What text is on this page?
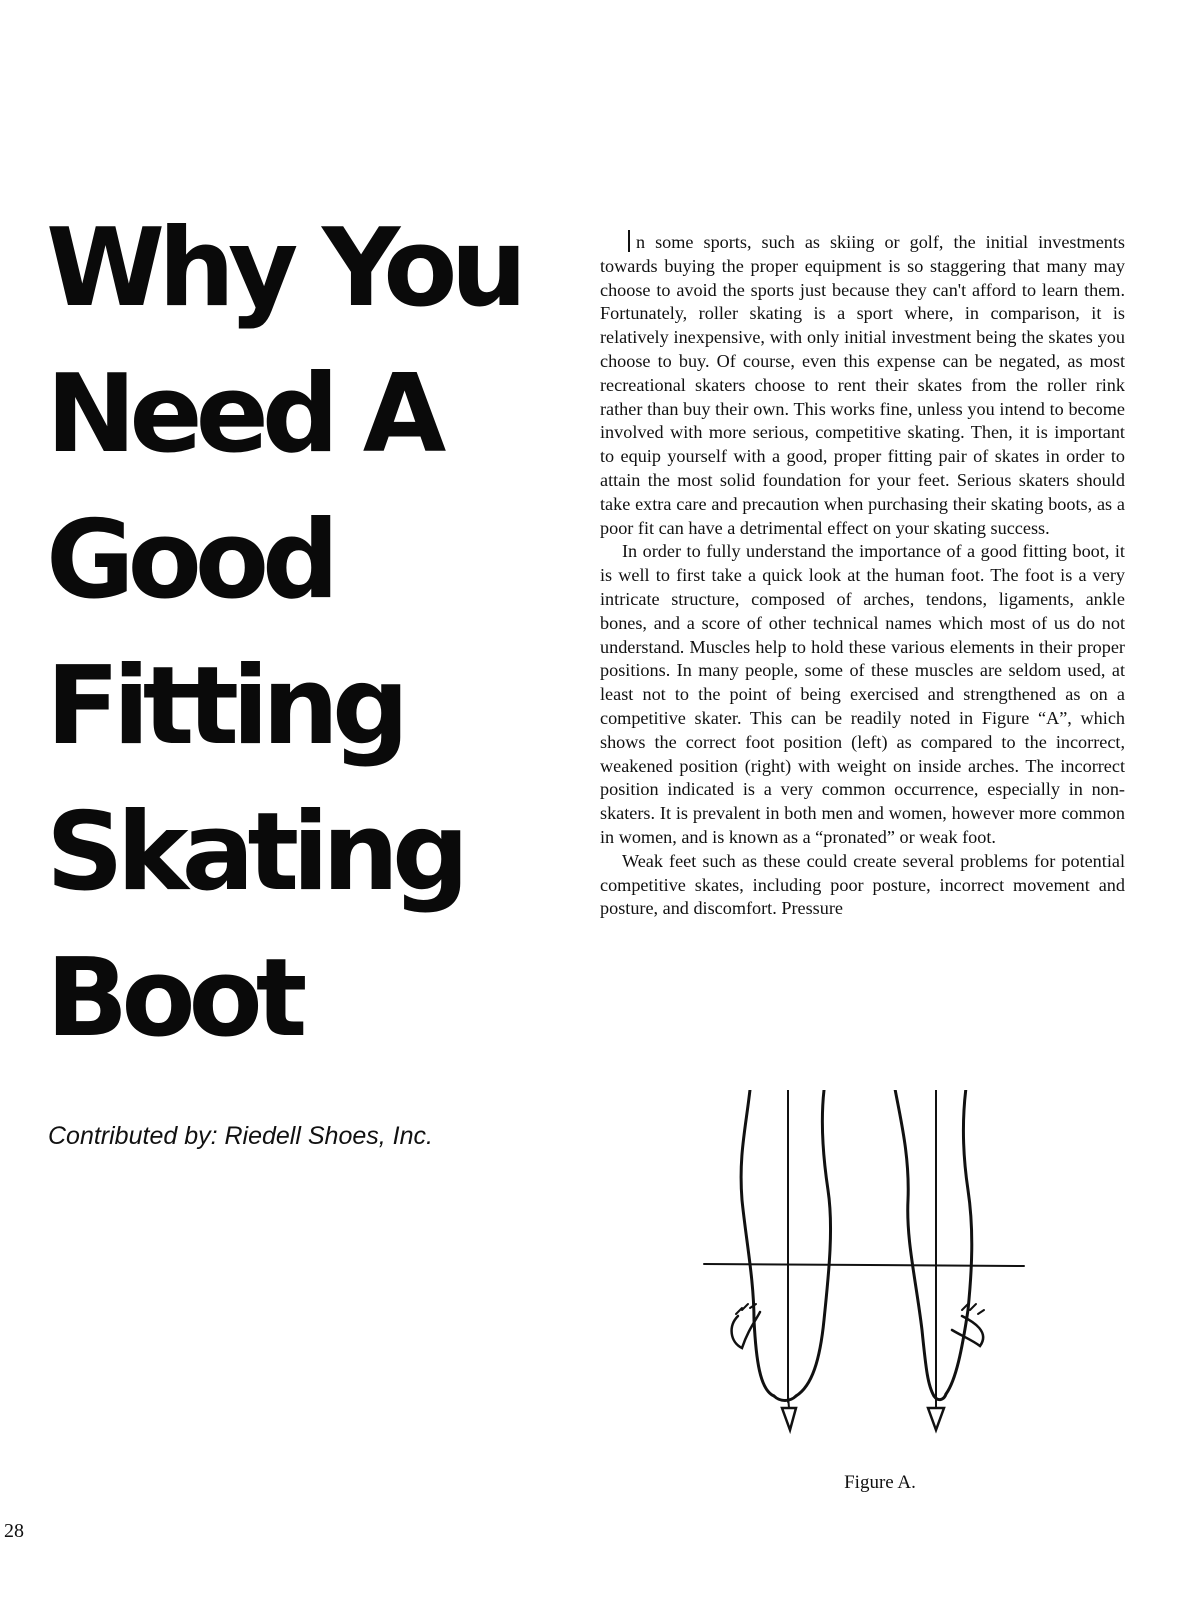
Why You
Need A
Good
Fitting
Skating
Boot
Contributed by: Riedell Shoes, Inc.

n some sports, such as skiing or golf, the initial investments towards buying the proper equipment is so staggering that many may choose to avoid the sports just because they can't afford to learn them. Fortunately, roller skating is a sport where, in comparison, it is relatively inexpensive, with only initial investment being the skates you choose to buy. Of course, even this expense can be negated, as most recreational skaters choose to rent their skates from the roller rink rather than buy their own. This works fine, unless you intend to become involved with more serious, competitive skating. Then, it is important to equip yourself with a good, proper fitting pair of skates in order to attain the most solid foundation for your feet. Serious skaters should take extra care and precaution when purchasing their skating boots, as a poor fit can have a detrimental effect on your skating success.

In order to fully understand the importance of a good fitting boot, it is well to first take a quick look at the human foot. The foot is a very intricate structure, composed of arches, tendons, ligaments, ankle bones, and a score of other technical names which most of us do not understand. Muscles help to hold these various elements in their proper positions. In many people, some of these muscles are seldom used, at least not to the point of being exercised and strengthened as on a competitive skater. This can be readily noted in Figure “A”, which shows the correct foot position (left) as compared to the incorrect, weakened position (right) with weight on inside arches. The incorrect position indicated is a very common occurrence, especially in non-skaters. It is prevalent in both men and women, however more common in women, and is known as a “pronated” or weak foot.

Weak feet such as these could create several problems for potential competitive skates, including poor posture, incorrect movement and posture, and discomfort. Pressure

Figure A.
28
